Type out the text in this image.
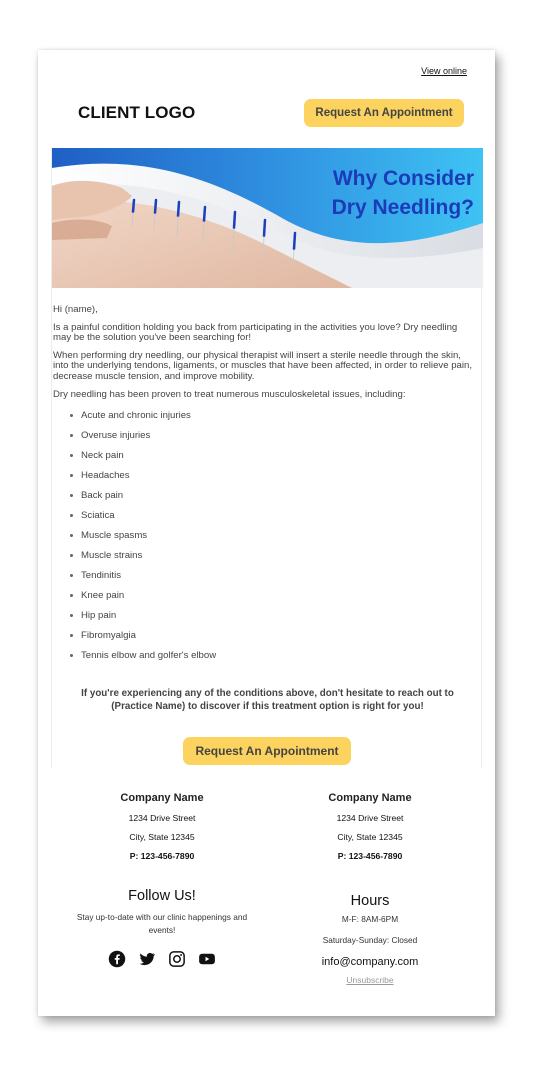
View online
CLIENT LOGO	Request An Appointment
Why Consider
Dry Needling?

Hi (name),

Is a painful condition holding you back from participating in the activities you love? Dry needling may be the solution you've been searching for!

When performing dry needling, our physical therapist will insert a sterile needle through the skin, into the underlying tendons, ligaments, or muscles that have been affected, in order to relieve pain, decrease muscle tension, and improve mobility.

Dry needling has been proven to treat numerous musculoskeletal issues, including:

Acute and chronic injuries
Overuse injuries
Neck pain
Headaches
Back pain
Sciatica
Muscle spasms
Muscle strains
Tendinitis
Knee pain
Hip pain
Fibromyalgia
Tennis elbow and golfer's elbow
If you're experiencing any of the conditions above, don't hesitate to reach out to (Practice Name) to discover if this treatment option is right for you!
Request An Appointment
Company Name
1234 Drive Street
City, State 12345
P: 123-456-7890
Company Name
1234 Drive Street
City, State 12345
P: 123-456-7890
Follow Us!
Stay up-to-date with our clinic happenings and events!
Hours
M-F: 8AM-6PM
Saturday-Sunday: Closed
info@company.com
Unsubscribe
